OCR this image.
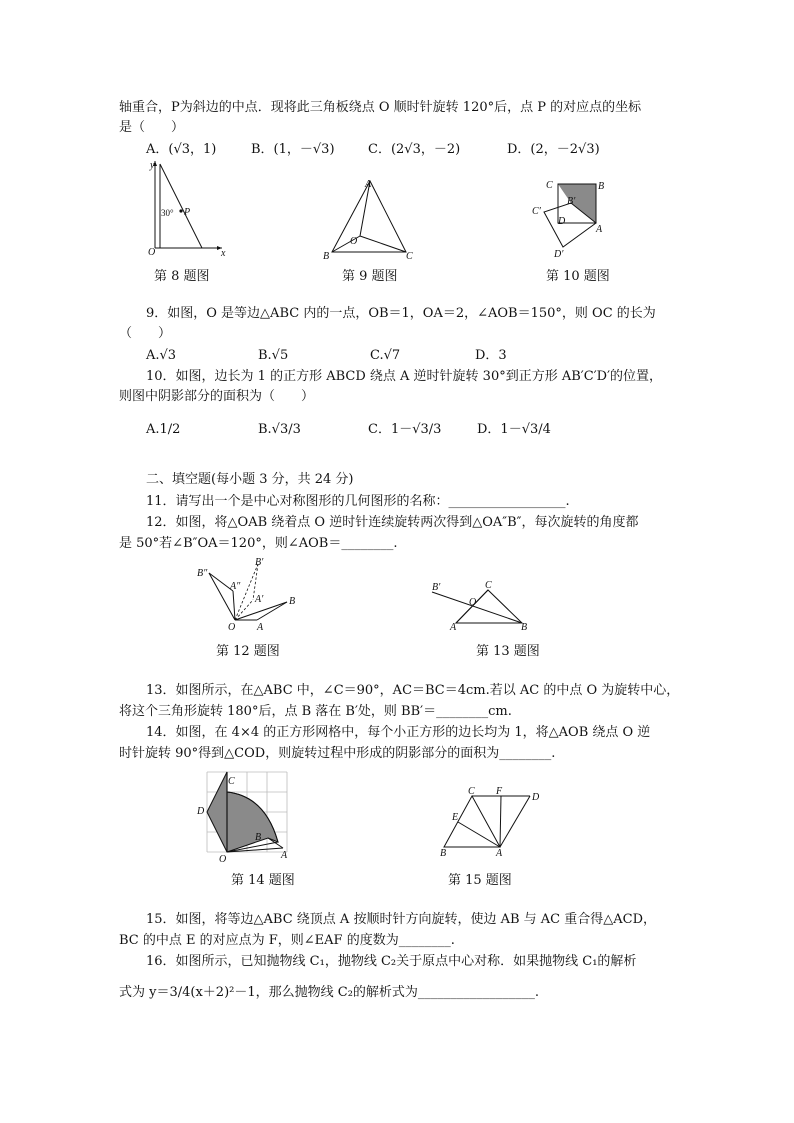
轴重合，P为斜边的中点．现将此三角板绕点 O 顺时针旋转 120°后，点 P 的对应点的坐标
是（　　）
A．(√3，1)	B．(1，－√3)	C．(2√3，－2)	D．(2，－2√3)
y
x
O
P
30°
第 8 题图
A
B	C
O
第 9 题图
C	B
B′
C′
D
A
D′
第 10 题图
9．如图，O 是等边△ABC 内的一点，OB＝1，OA＝2，∠AOB＝150°，则 OC 的长为
（　　）
A.√3	B.√5	C.√7	D．3
10．如图，边长为 1 的正方形 ABCD 绕点 A 逆时针旋转 30°到正方形 AB′C′D′的位置，
则图中阴影部分的面积为（　　）
A.1/2	B.√3/3	C．1－√3/3	D．1－√3/4
二、填空题(每小题 3 分，共 24 分)
11．请写出一个是中心对称图形的几何图形的名称：__________________.
12．如图，将△OAB 绕着点 O 逆时针连续旋转两次得到△OA″B″，每次旋转的角度都
是 50°若∠B″OA＝120°，则∠AOB＝________.
B″
B′
A″
A′	B
O A
第 12 题图
B′	C
O
A	B
第 13 题图
13．如图所示，在△ABC 中，∠C＝90°，AC＝BC＝4cm.若以 AC 的中点 O 为旋转中心，
将这个三角形旋转 180°后，点 B 落在 B′处，则 BB′＝________cm.
14．如图，在 4×4 的正方形网格中，每个小正方形的边长均为 1，将△AOB 绕点 O 逆
时针旋转 90°得到△COD，则旋转过程中形成的阴影部分的面积为________.
C
D
B
O	A
第 14 题图
C F
D
E
B	A
第 15 题图
15．如图，将等边△ABC 绕顶点 A 按顺时针方向旋转，使边 AB 与 AC 重合得△ACD，
BC 的中点 E 的对应点为 F，则∠EAF 的度数为________.
16．如图所示，已知抛物线 C₁，抛物线 C₂关于原点中心对称．如果抛物线 C₁的解析
式为 y＝3/4(x＋2)²－1，那么抛物线 C₂的解析式为__________________.
